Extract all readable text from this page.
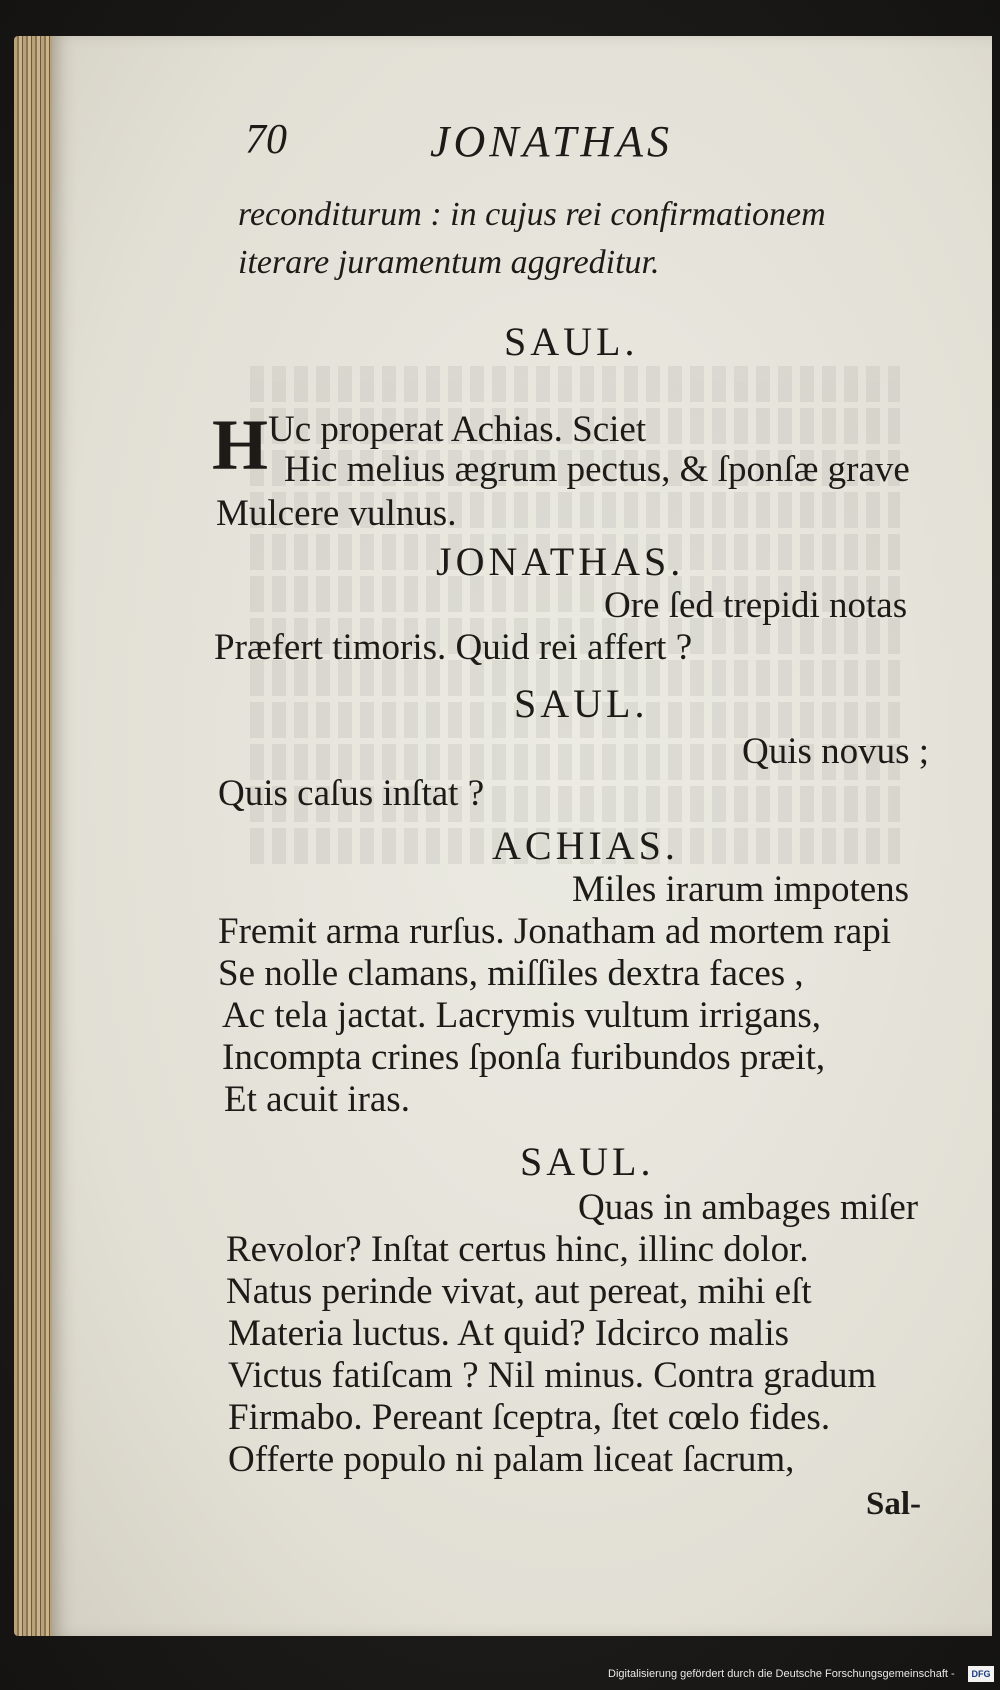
70	JONATHAS
reconditurum : in cujus rei confirmationem
iterare juramentum aggreditur.
SAUL.
H Uc properat Achias. Sciet
Hic melius ægrum pectus, & ſponſæ grave
Mulcere vulnus.
JONATHAS.
Ore ſed trepidi notas
Præfert timoris. Quid rei affert ?
SAUL.
Quis novus ;
Quis caſus inſtat ?
ACHIAS.
Miles irarum impotens
Fremit arma rurſus. Jonatham ad mortem rapi
Se nolle clamans, miſſiles dextra faces ,
Ac tela jactat. Lacrymis vultum irrigans,
Incompta crines ſponſa furibundos præit,
Et acuit iras.
SAUL.
Quas in ambages miſer
Revolor? Inſtat certus hinc, illinc dolor.
Natus perinde vivat, aut pereat, mihi eſt
Materia luctus. At quid? Idcirco malis
Victus fatiſcam ? Nil minus. Contra gradum
Firmabo. Pereant ſceptra, ſtet cœlo fides.
Offerte populo ni palam liceat ſacrum,
Sal-
Digitalisierung gefördert durch die Deutsche Forschungsgemeinschaft -	DFG
